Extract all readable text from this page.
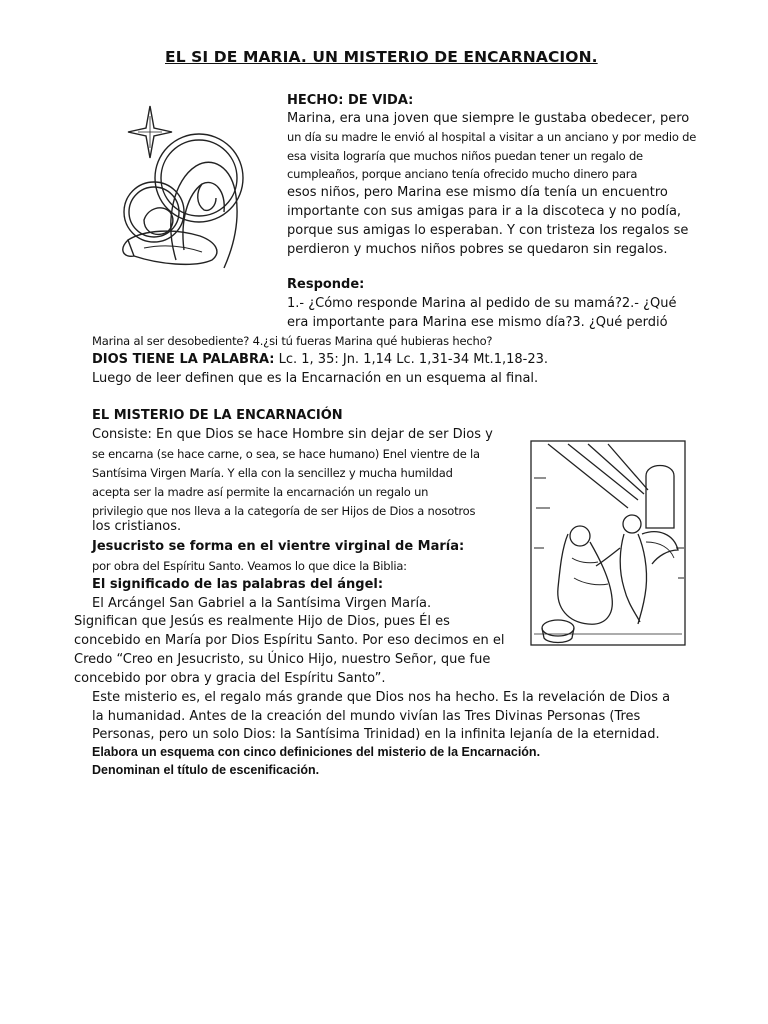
EL SI DE MARIA. UN MISTERIO DE ENCARNACION.
HECHO: DE VIDA:
Marina, era una joven que siempre le gustaba obedecer, pero
un día su madre le envió al hospital a visitar a un anciano y por medio de
esa visita lograría que muchos niños puedan tener un regalo de
cumpleaños, porque anciano tenía ofrecido mucho dinero para
esos niños, pero Marina ese mismo día tenía un encuentro
importante con sus amigas para ir a la discoteca y no podía,
porque sus amigas lo esperaban. Y con tristeza los regalos se
perdieron y muchos niños pobres se quedaron sin regalos.
Responde:
1.- ¿Cómo responde Marina al pedido de su mamá?2.- ¿Qué
era importante para Marina ese mismo día?3. ¿Qué perdió
Marina al ser desobediente? 4.¿si tú fueras Marina qué hubieras hecho?
DIOS TIENE LA PALABRA: Lc. 1, 35: Jn. 1,14 Lc. 1,31-34 Mt.1,18-23.
Luego de leer definen que es la Encarnación en un esquema al final.
EL MISTERIO DE LA ENCARNACIÓN
Consiste: En que Dios se hace Hombre sin dejar de ser Dios y
se encarna (se hace carne, o sea, se hace humano) Enel vientre de la
Santísima Virgen María. Y ella con la sencillez y mucha humildad
acepta ser la madre así permite la encarnación un regalo un
privilegio que nos lleva a la categoría de ser Hijos de Dios a nosotros
los cristianos.
Jesucristo se forma en el vientre virginal de María:
por obra del Espíritu Santo. Veamos lo que dice la Biblia:
El significado de las palabras del ángel:
El Arcángel San Gabriel a la Santísima Virgen María.
Significan que Jesús es realmente Hijo de Dios, pues Él es
concebido en María por Dios Espíritu Santo. Por eso decimos en el
Credo “Creo en Jesucristo, su Único Hijo, nuestro Señor, que fue
concebido por obra y gracia del Espíritu Santo”.
Este misterio es, el regalo más grande que Dios nos ha hecho. Es la revelación de Dios a
la humanidad. Antes de la creación del mundo vivían las Tres Divinas Personas (Tres
Personas, pero un solo Dios: la Santísima Trinidad) en la infinita lejanía de la eternidad.
Elabora un esquema con cinco definiciones del misterio de la Encarnación.
Denominan el título de escenificación.
